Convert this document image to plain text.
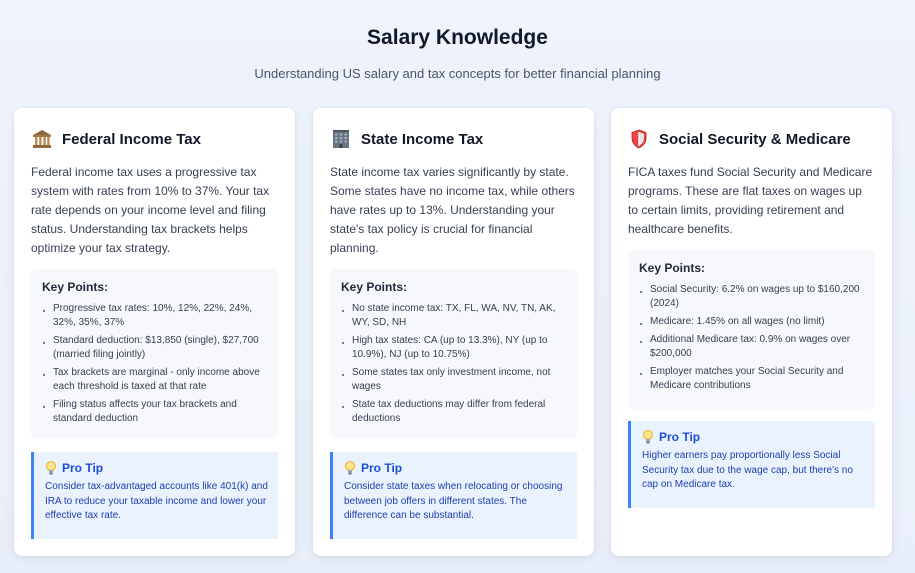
Salary Knowledge
Understanding US salary and tax concepts for better financial planning
Federal Income Tax
Federal income tax uses a progressive tax system with rates from 10% to 37%. Your tax rate depends on your income level and filing status. Understanding tax brackets helps optimize your tax strategy.
Key Points:
Progressive tax rates: 10%, 12%, 22%, 24%, 32%, 35%, 37%
Standard deduction: $13,850 (single), $27,700 (married filing jointly)
Tax brackets are marginal - only income above each threshold is taxed at that rate
Filing status affects your tax brackets and standard deduction
Pro Tip
Consider tax-advantaged accounts like 401(k) and IRA to reduce your taxable income and lower your effective tax rate.
State Income Tax
State income tax varies significantly by state. Some states have no income tax, while others have rates up to 13%. Understanding your state's tax policy is crucial for financial planning.
Key Points:
No state income tax: TX, FL, WA, NV, TN, AK, WY, SD, NH
High tax states: CA (up to 13.3%), NY (up to 10.9%), NJ (up to 10.75%)
Some states tax only investment income, not wages
State tax deductions may differ from federal deductions
Pro Tip
Consider state taxes when relocating or choosing between job offers in different states. The difference can be substantial.
Social Security & Medicare
FICA taxes fund Social Security and Medicare programs. These are flat taxes on wages up to certain limits, providing retirement and healthcare benefits.
Key Points:
Social Security: 6.2% on wages up to $160,200 (2024)
Medicare: 1.45% on all wages (no limit)
Additional Medicare tax: 0.9% on wages over $200,000
Employer matches your Social Security and Medicare contributions
Pro Tip
Higher earners pay proportionally less Social Security tax due to the wage cap, but there's no cap on Medicare tax.
